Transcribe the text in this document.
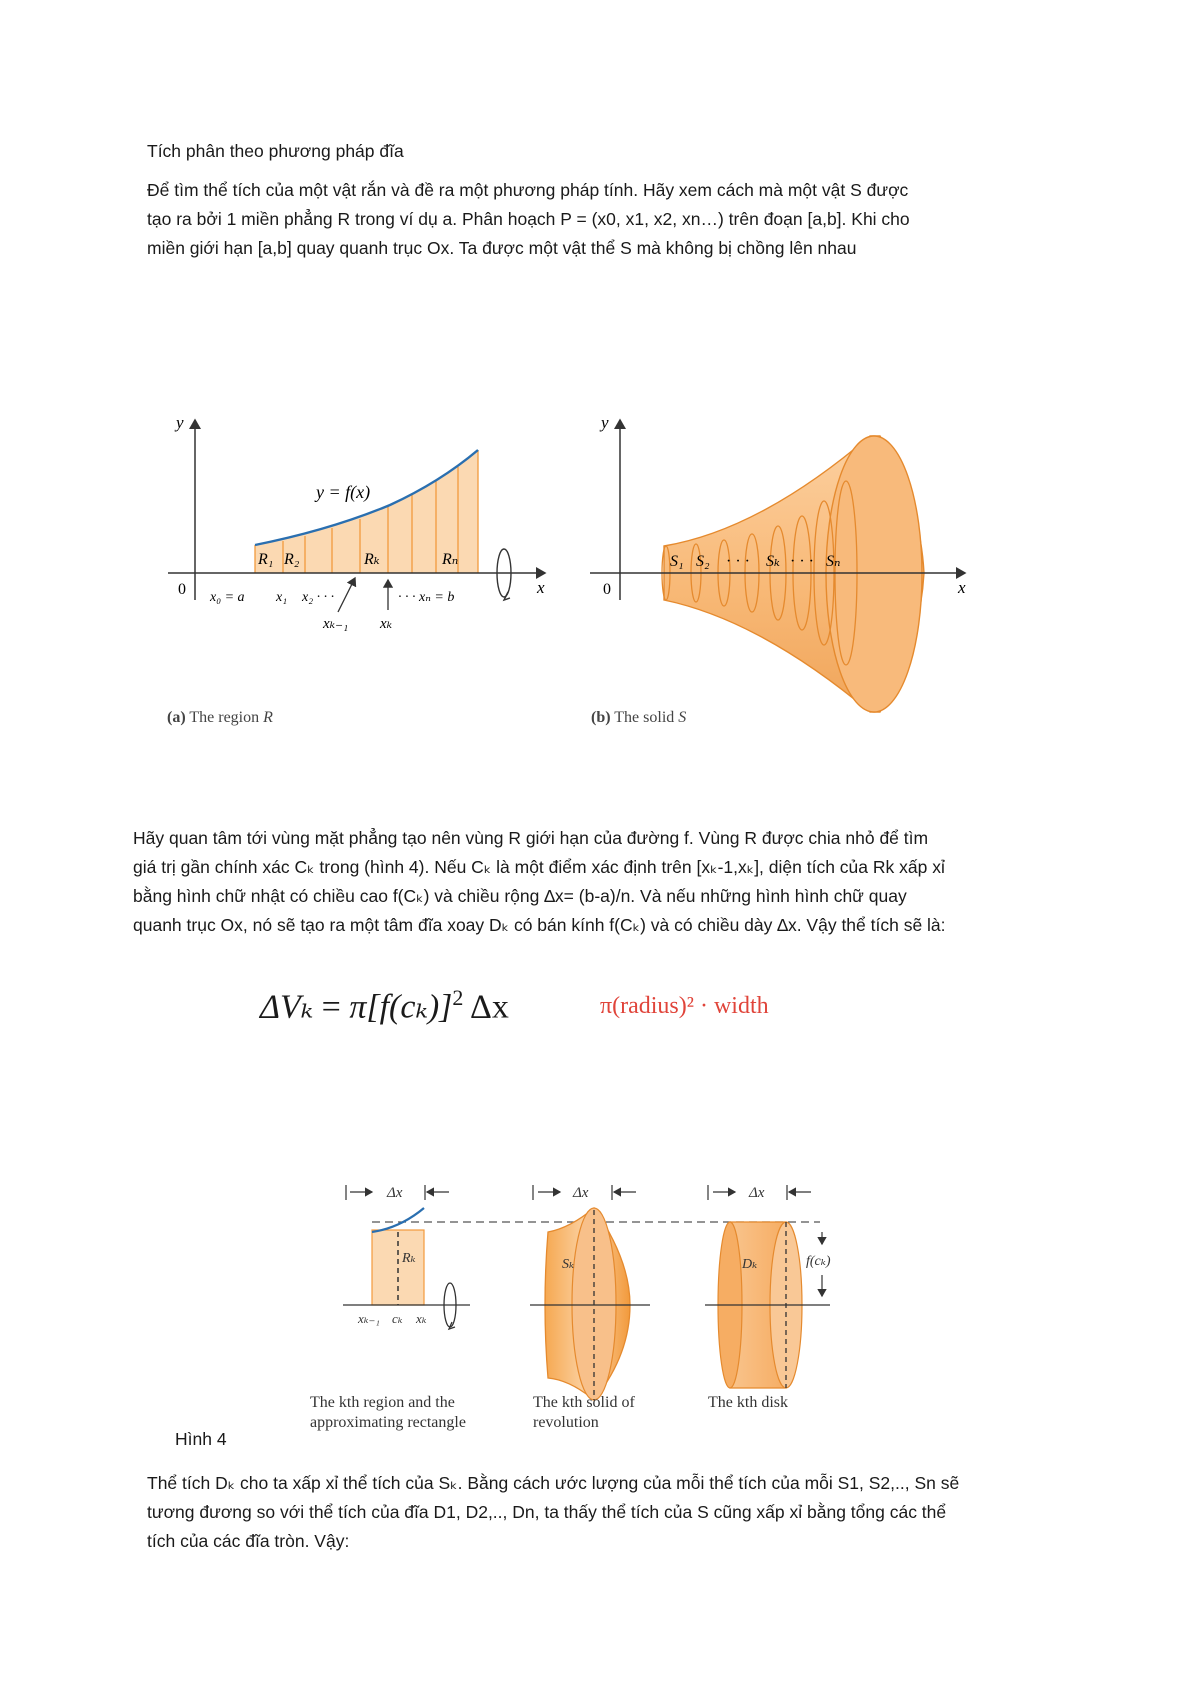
Tích phân theo phương pháp đĩa
Để tìm thể tích của một vật rắn và đề ra một phương pháp tính. Hãy xem cách mà một vật S được
tạo ra bởi 1 miền phẳng R trong ví dụ a. Phân hoạch P = (x0, x1, x2, xn…) trên đoạn [a,b]. Khi cho
miền giới hạn [a,b] quay quanh trục Ox. Ta được một vật thể S mà không bị chồng lên nhau
y
x
0
y = f(x)
R₁ R₂	Rₖ	Rₙ
x₀ = a x₁ x₂ · · ·	· · · xₙ = b
xₖ₋₁ xₖ
(a) The region R
y
x
0
S₁ S₂ · · · Sₖ · · · Sₙ
(b) The solid S
Hãy quan tâm tới vùng mặt phẳng tạo nên vùng R giới hạn của đường f. Vùng R được chia nhỏ để tìm
giá trị gần chính xác Cₖ trong (hình 4). Nếu Cₖ là một điểm xác định trên [xₖ-1,xₖ], diện tích của Rk xấp xỉ
bằng hình chữ nhật có chiều cao f(Cₖ) và chiều rộng ∆x= (b-a)/n. Và nếu những hình hình chữ quay
quanh trục Ox, nó sẽ tạo ra một tâm đĩa xoay Dₖ có bán kính f(Cₖ) và có chiều dày ∆x. Vậy thể tích sẽ là:
$\Delta V_k = \pi[f(c_k)]^2$ Δx	π(radius)² · width
Δx
Rₖ
xₖ₋₁ cₖ xₖ
Δx
Sₖ
Δx
Dₖ	f(cₖ)
The kth region and the approximating rectangle
The kth solid of revolution
The kth disk
Hình 4
Thể tích Dₖ cho ta xấp xỉ thể tích của Sₖ. Bằng cách ước lượng của mỗi thể tích của mỗi S1, S2,.., Sn sẽ
tương đương so với thể tích của đĩa D1, D2,.., Dn, ta thấy thể tích của S cũng xấp xỉ bằng tổng các thể
tích của các đĩa tròn. Vậy:
